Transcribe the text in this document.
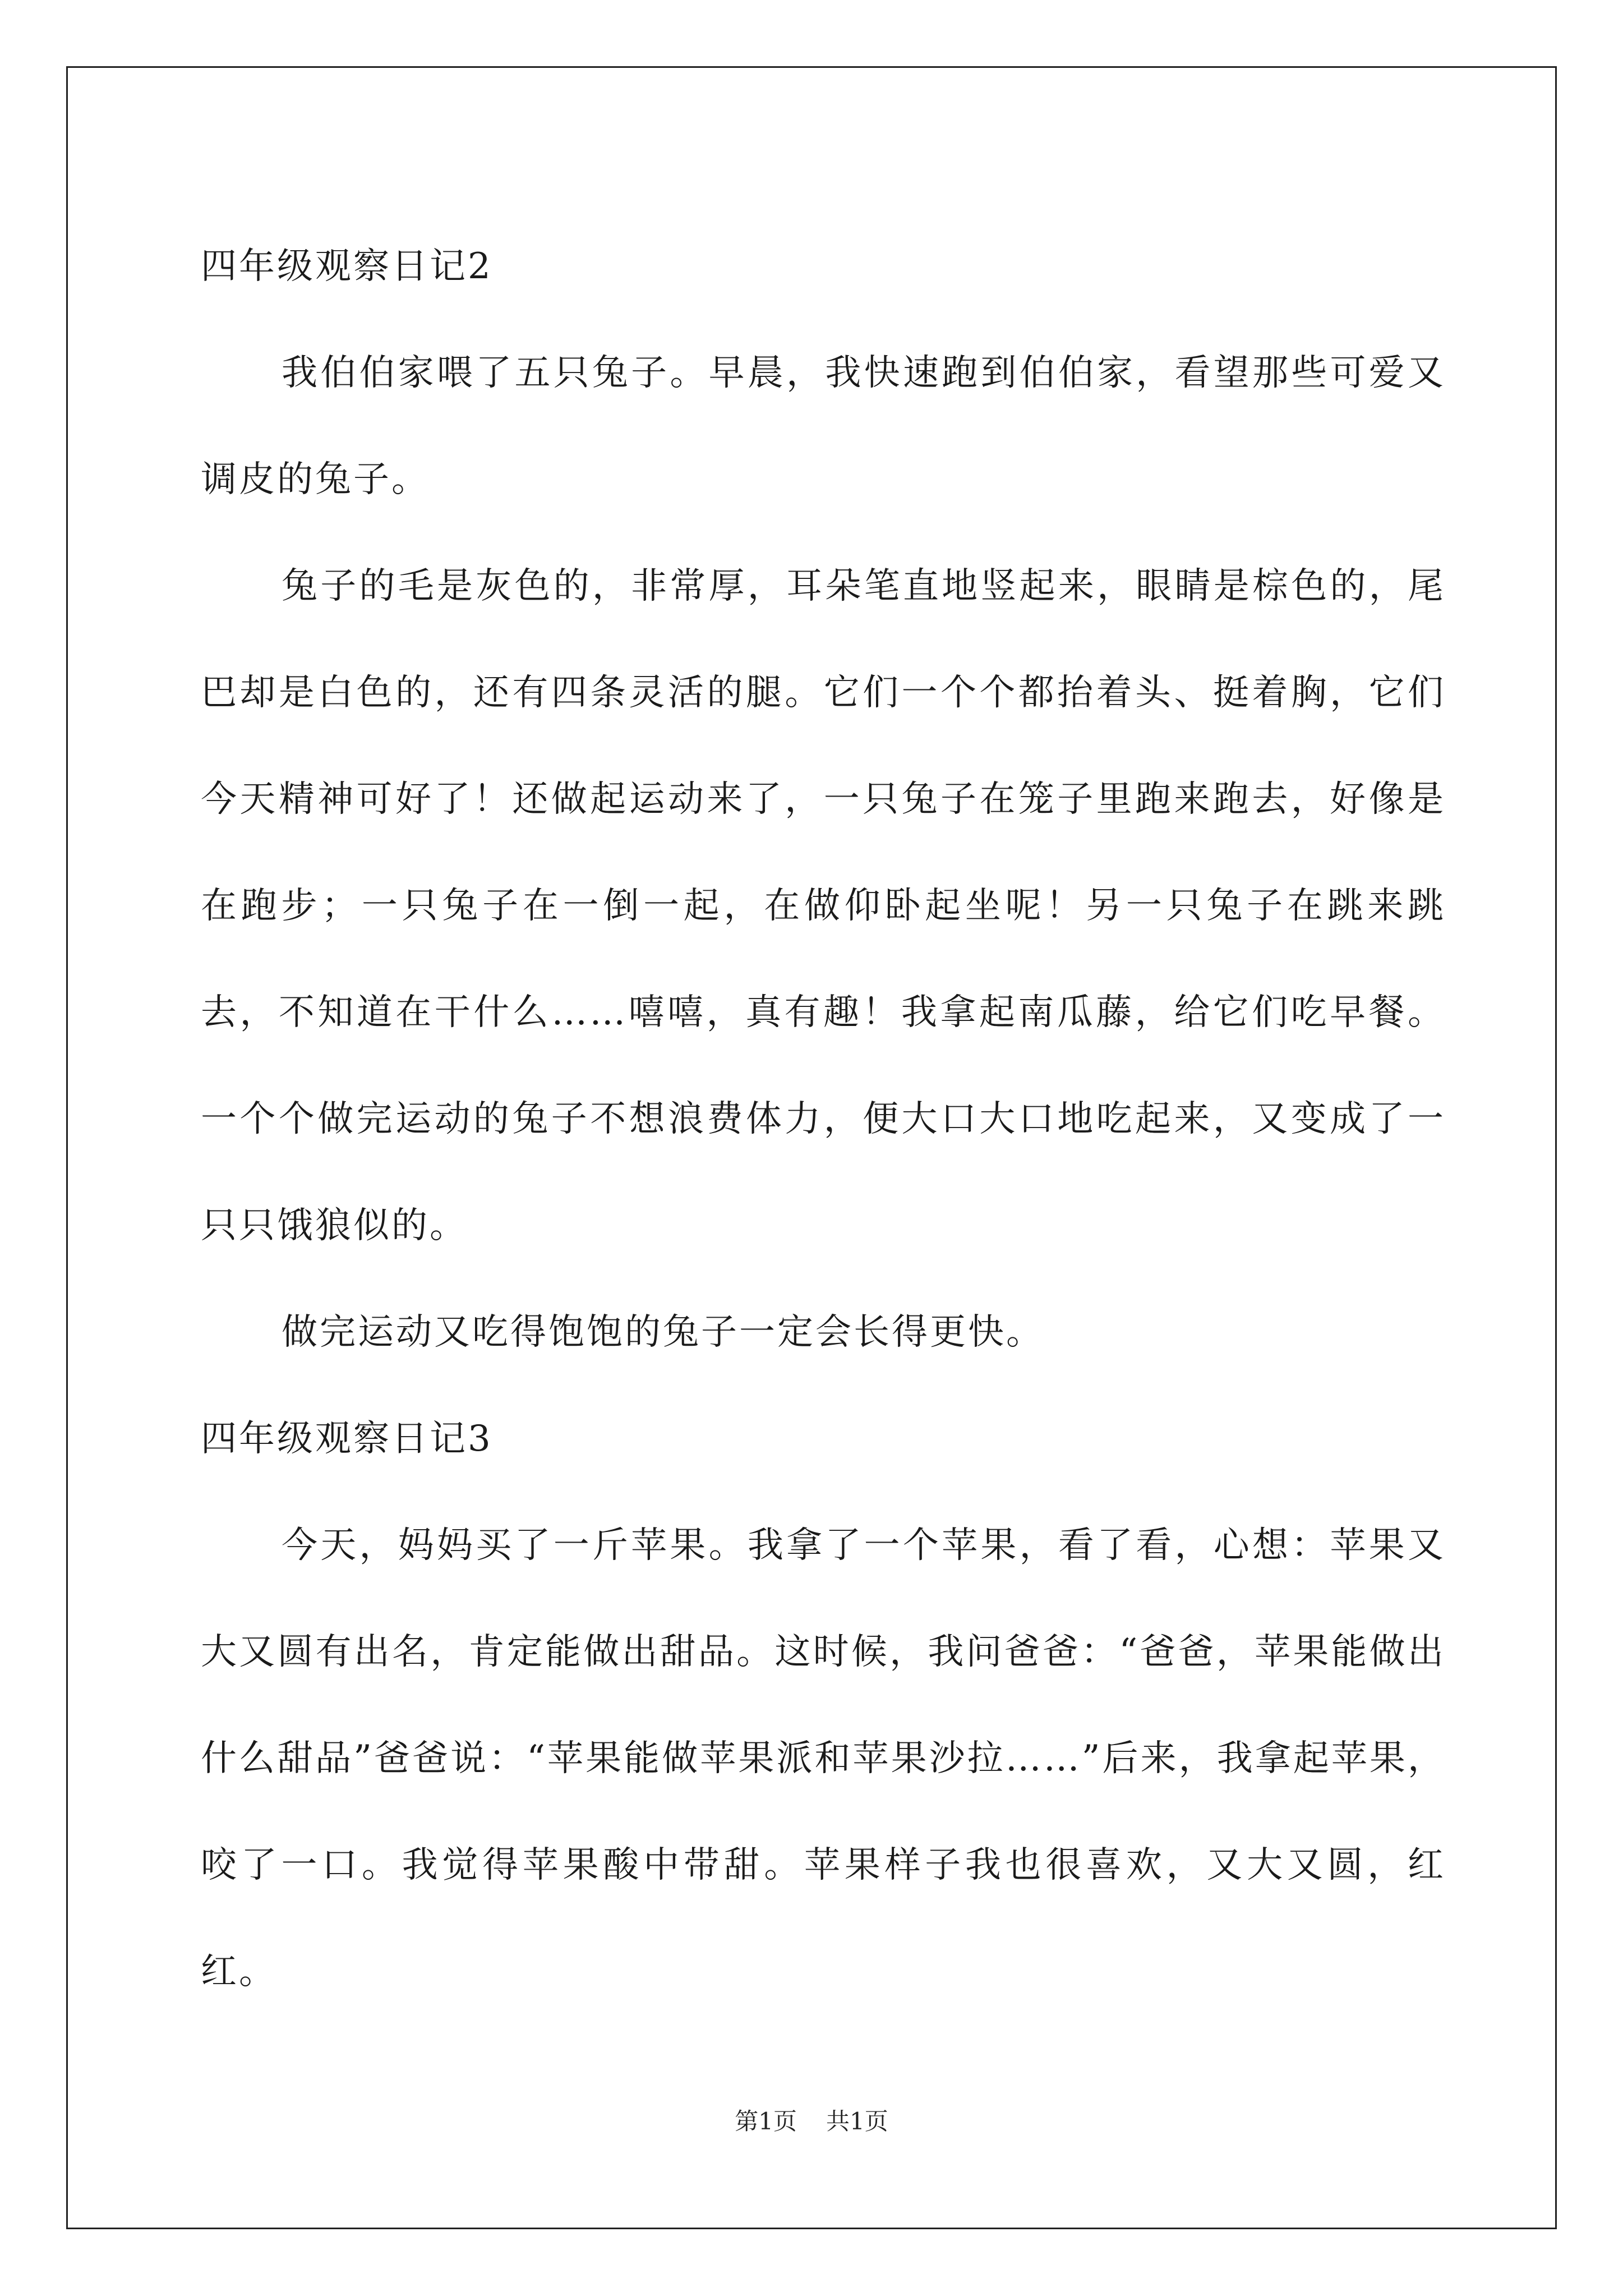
四年级观察日记2

我伯伯家喂了五只兔子。早晨，我快速跑到伯伯家，看望那些可爱又调皮的兔子。

兔子的毛是灰色的，非常厚，耳朵笔直地竖起来，眼睛是棕色的，尾巴却是白色的，还有四条灵活的腿。它们一个个都抬着头、挺着胸，它们今天精神可好了！还做起运动来了，一只兔子在笼子里跑来跑去，好像是在跑步；一只兔子在一倒一起，在做仰卧起坐呢！另一只兔子在跳来跳去，不知道在干什么……嘻嘻，真有趣！我拿起南瓜藤，给它们吃早餐。一个个做完运动的兔子不想浪费体力，便大口大口地吃起来，又变成了一只只饿狼似的。

做完运动又吃得饱饱的兔子一定会长得更快。

四年级观察日记3

今天，妈妈买了一斤苹果。我拿了一个苹果，看了看，心想：苹果又大又圆有出名，肯定能做出甜品。这时候，我问爸爸：“爸爸，苹果能做出什么甜品”爸爸说：“苹果能做苹果派和苹果沙拉……”后来，我拿起苹果，咬了一口。我觉得苹果酸中带甜。苹果样子我也很喜欢，又大又圆，红红。

第1页 共1页
